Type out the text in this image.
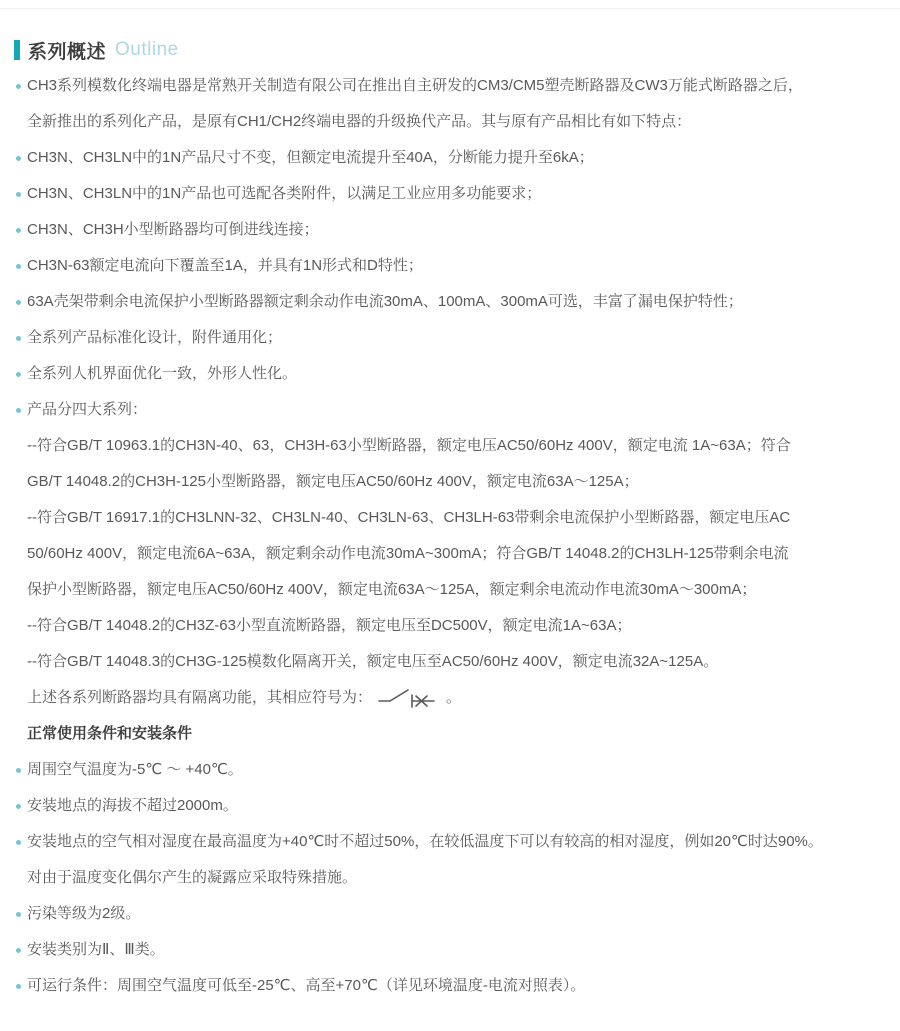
系列概述 Outline
CH3系列模数化终端电器是常熟开关制造有限公司在推出自主研发的CM3/CM5塑壳断路器及CW3万能式断路器之后，
全新推出的系列化产品，是原有CH1/CH2终端电器的升级换代产品。其与原有产品相比有如下特点：
CH3N、CH3LN中的1N产品尺寸不变，但额定电流提升至40A，分断能力提升至6kA；
CH3N、CH3LN中的1N产品也可选配各类附件，以满足工业应用多功能要求；
CH3N、CH3H小型断路器均可倒进线连接；
CH3N-63额定电流向下覆盖至1A，并具有1N形式和D特性；
63A壳架带剩余电流保护小型断路器额定剩余动作电流30mA、100mA、300mA可选，丰富了漏电保护特性；
全系列产品标准化设计，附件通用化；
全系列人机界面优化一致，外形人性化。
产品分四大系列：
--符合GB/T 10963.1的CH3N-40、63，CH3H-63小型断路器，额定电压AC50/60Hz 400V，额定电流 1A~63A；符合
GB/T 14048.2的CH3H-125小型断路器，额定电压AC50/60Hz 400V，额定电流63A～125A；
--符合GB/T 16917.1的CH3LNN-32、CH3LN-40、CH3LN-63、CH3LH-63带剩余电流保护小型断路器，额定电压AC
50/60Hz 400V，额定电流6A~63A，额定剩余动作电流30mA~300mA；符合GB/T 14048.2的CH3LH-125带剩余电流
保护小型断路器，额定电压AC50/60Hz 400V，额定电流63A～125A，额定剩余电流动作电流30mA～300mA；
--符合GB/T 14048.2的CH3Z-63小型直流断路器，额定电压至DC500V，额定电流1A~63A；
--符合GB/T 14048.3的CH3G-125模数化隔离开关，额定电压至AC50/60Hz 400V，额定电流32A~125A。
上述各系列断路器均具有隔离功能，其相应符号为：	。
正常使用条件和安装条件
周围空气温度为-5℃ ～ +40℃。
安装地点的海拔不超过2000m。
安装地点的空气相对湿度在最高温度为+40℃时不超过50%，在较低温度下可以有较高的相对湿度，例如20℃时达90%。
对由于温度变化偶尔产生的凝露应采取特殊措施。
污染等级为2级。
安装类别为Ⅱ、Ⅲ类。
可运行条件：周围空气温度可低至-25℃、高至+70℃（详见环境温度-电流对照表）。
